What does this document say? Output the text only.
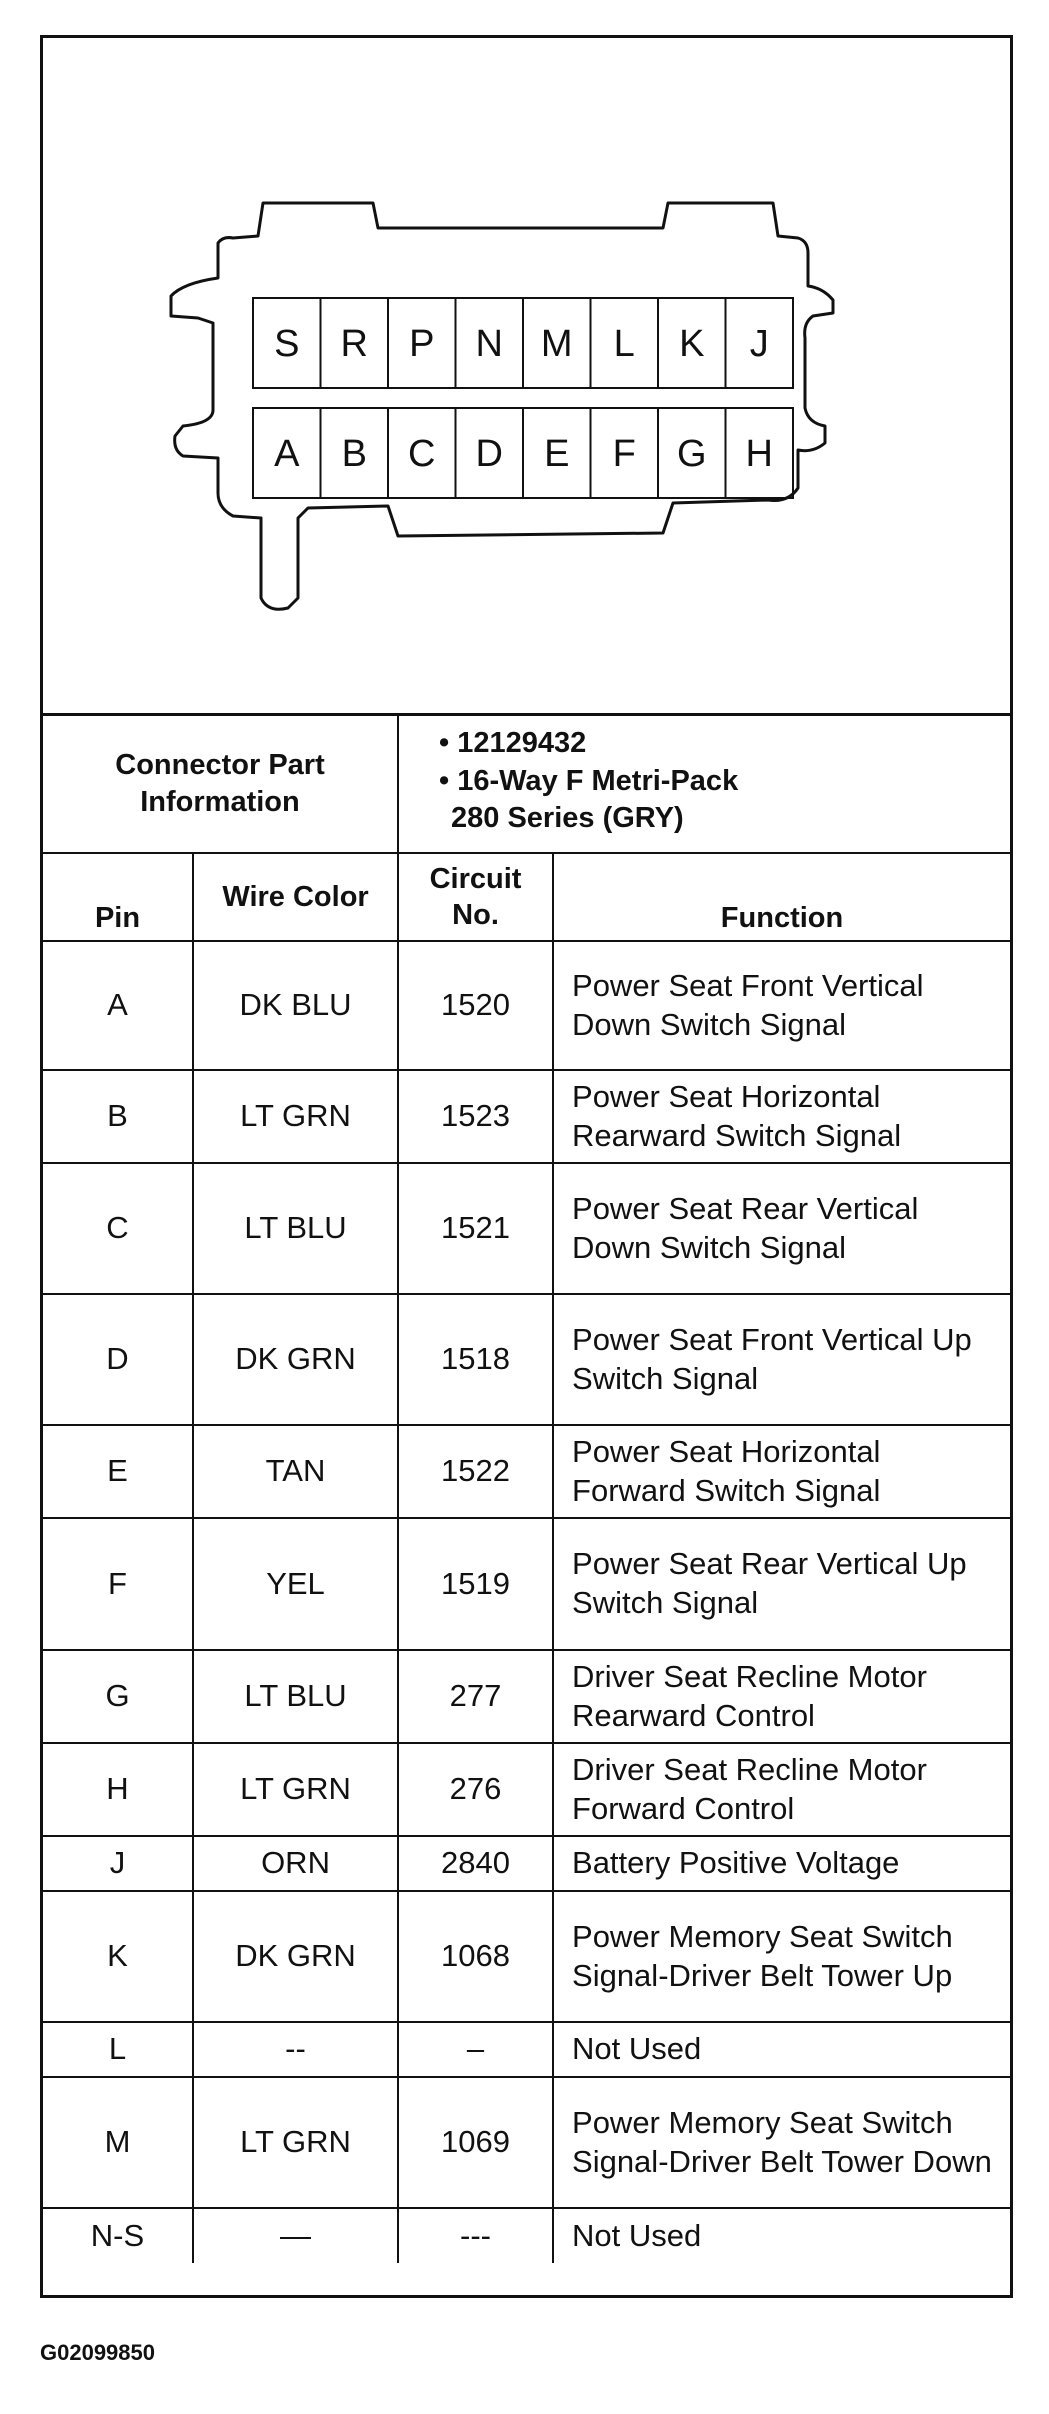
S R P N M L K J
A B C D E F G H
Connector Part Information		• 12129432
• 16-Way F Metri-Pack
280 Series (GRY)	

Pin	Wire Color	Circuit No.	Function
A	DK BLU	1520	Power Seat Front Vertical Down Switch Signal
B	LT GRN	1523	Power Seat Horizontal Rearward Switch Signal
C	LT BLU	1521	Power Seat Rear Vertical Down Switch Signal
D	DK GRN	1518	Power Seat Front Vertical Up Switch Signal
E	TAN	1522	Power Seat Horizontal Forward Switch Signal
F	YEL	1519	Power Seat Rear Vertical Up Switch Signal
G	LT BLU	277	Driver Seat Recline Motor Rearward Control
H	LT GRN	276	Driver Seat Recline Motor Forward Control
J	ORN	2840	Battery Positive Voltage
K	DK GRN	1068	Power Memory Seat Switch Signal-Driver Belt Tower Up
L	--	–	Not Used
M	LT GRN	1069	Power Memory Seat Switch Signal-Driver Belt Tower Down
N-S	—	---	Not Used
G02099850
